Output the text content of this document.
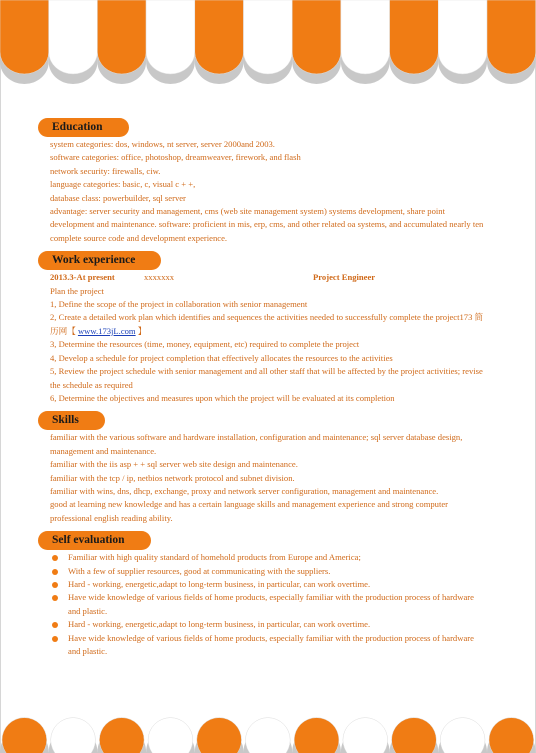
Education
system categories: dos, windows, nt server, server 2000and 2003.
software categories: office, photoshop, dreamweaver, firework, and flash
network security: firewalls, ciw.
language categories: basic, c, visual c + +,
database class: powerbuilder, sql server
advantage: server security and management, cms (web site management system) systems development, share point development and maintenance. software: proficient in mis, erp, cms, and other related oa systems, and accumulated nearly ten complete source code and development experience.
Work experience
2013.3-At present	xxxxxxx	Project Engineer
Plan the project
1, Define the scope of the project in collaboration with senior management
2, Create a detailed work plan which identifies and sequences the activities needed to successfully complete the project173 简历网【 www.173jL.com 】
3, Determine the resources (time, money, equipment, etc) required to complete the project
4, Develop a schedule for project completion that effectively allocates the resources to the activities
5, Review the project schedule with senior management and all other staff that will be affected by the project activities; revise the schedule as required
6, Determine the objectives and measures upon which the project will be evaluated at its completion
Skills
familiar with the various software and hardware installation, configuration and maintenance; sql server database design, management and maintenance.
familiar with the iis asp + + sql server web site design and maintenance.
familiar with the tcp / ip, netbios network protocol and subnet division.
familiar with wins, dns, dhcp, exchange, proxy and network server configuration, management and maintenance.
good at learning new knowledge and has a certain language skills and management experience and strong computer professional english reading ability.
Self evaluation
Familiar with high quality standard of homehold products from Europe and America;
With a few of supplier resources, good at communicating with the suppliers.
Hard - working, energetic,adapt to long-term business, in particular, can work overtime.
Have wide knowledge of various fields of home products, especially familiar with the production process of hardware and plastic.
Hard - working, energetic,adapt to long-term business, in particular, can work overtime.
Have wide knowledge of various fields of home products, especially familiar with the production process of hardware and plastic.
